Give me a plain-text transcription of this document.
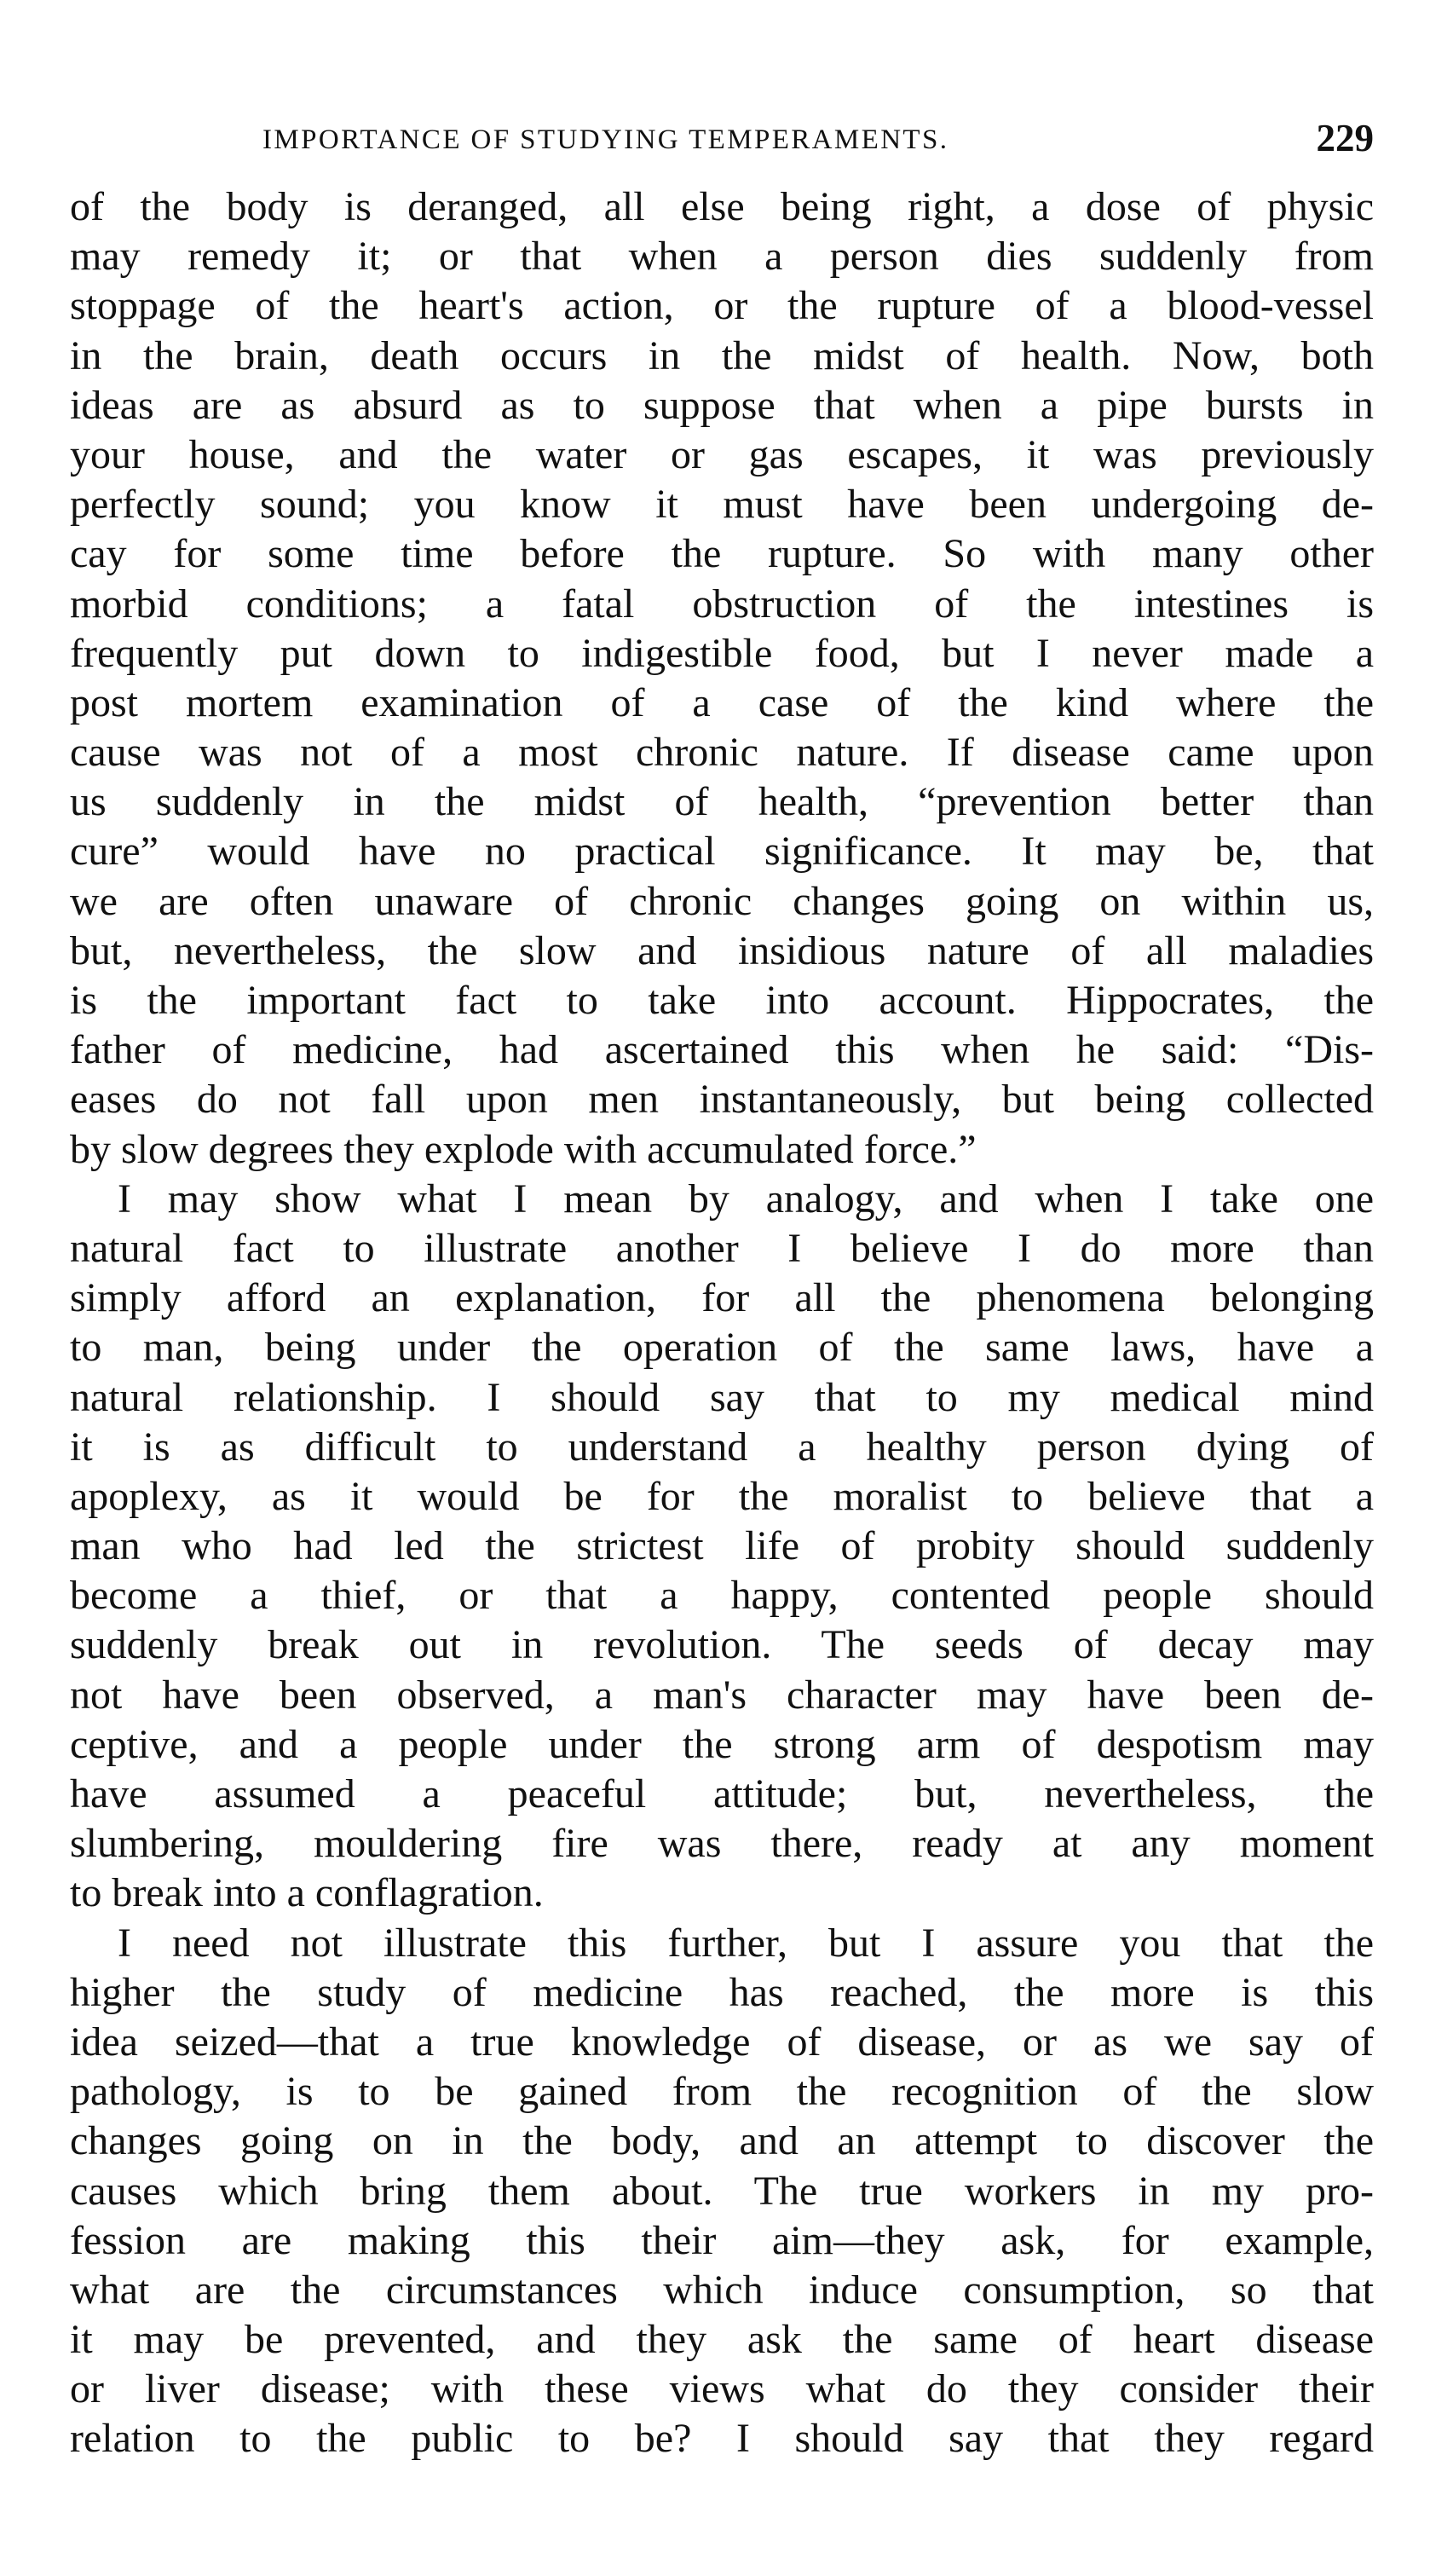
IMPORTANCE OF STUDYING TEMPERAMENTS.	229
of the body is deranged, all else being right, a dose of physic
may remedy it; or that when a person dies suddenly from
stoppage of the heart's action, or the rupture of a blood-vessel
in the brain, death occurs in the midst of health. Now, both
ideas are as absurd as to suppose that when a pipe bursts in
your house, and the water or gas escapes, it was previously
perfectly sound; you know it must have been undergoing de-
cay for some time before the rupture. So with many other
morbid conditions; a fatal obstruction of the intestines is
frequently put down to indigestible food, but I never made a
post mortem examination of a case of the kind where the
cause was not of a most chronic nature. If disease came upon
us suddenly in the midst of health, “prevention better than
cure” would have no practical significance. It may be, that
we are often unaware of chronic changes going on within us,
but, nevertheless, the slow and insidious nature of all maladies
is the important fact to take into account. Hippocrates, the
father of medicine, had ascertained this when he said: “Dis-
eases do not fall upon men instantaneously, but being collected
by slow degrees they explode with accumulated force.”
I may show what I mean by analogy, and when I take one
natural fact to illustrate another I believe I do more than
simply afford an explanation, for all the phenomena belonging
to man, being under the operation of the same laws, have a
natural relationship. I should say that to my medical mind
it is as difficult to understand a healthy person dying of
apoplexy, as it would be for the moralist to believe that a
man who had led the strictest life of probity should suddenly
become a thief, or that a happy, contented people should
suddenly break out in revolution. The seeds of decay may
not have been observed, a man's character may have been de-
ceptive, and a people under the strong arm of despotism may
have assumed a peaceful attitude; but, nevertheless, the
slumbering, mouldering fire was there, ready at any moment
to break into a conflagration.
I need not illustrate this further, but I assure you that the
higher the study of medicine has reached, the more is this
idea seized—that a true knowledge of disease, or as we say of
pathology, is to be gained from the recognition of the slow
changes going on in the body, and an attempt to discover the
causes which bring them about. The true workers in my pro-
fession are making this their aim—they ask, for example,
what are the circumstances which induce consumption, so that
it may be prevented, and they ask the same of heart disease
or liver disease; with these views what do they consider their
relation to the public to be? I should say that they regard
